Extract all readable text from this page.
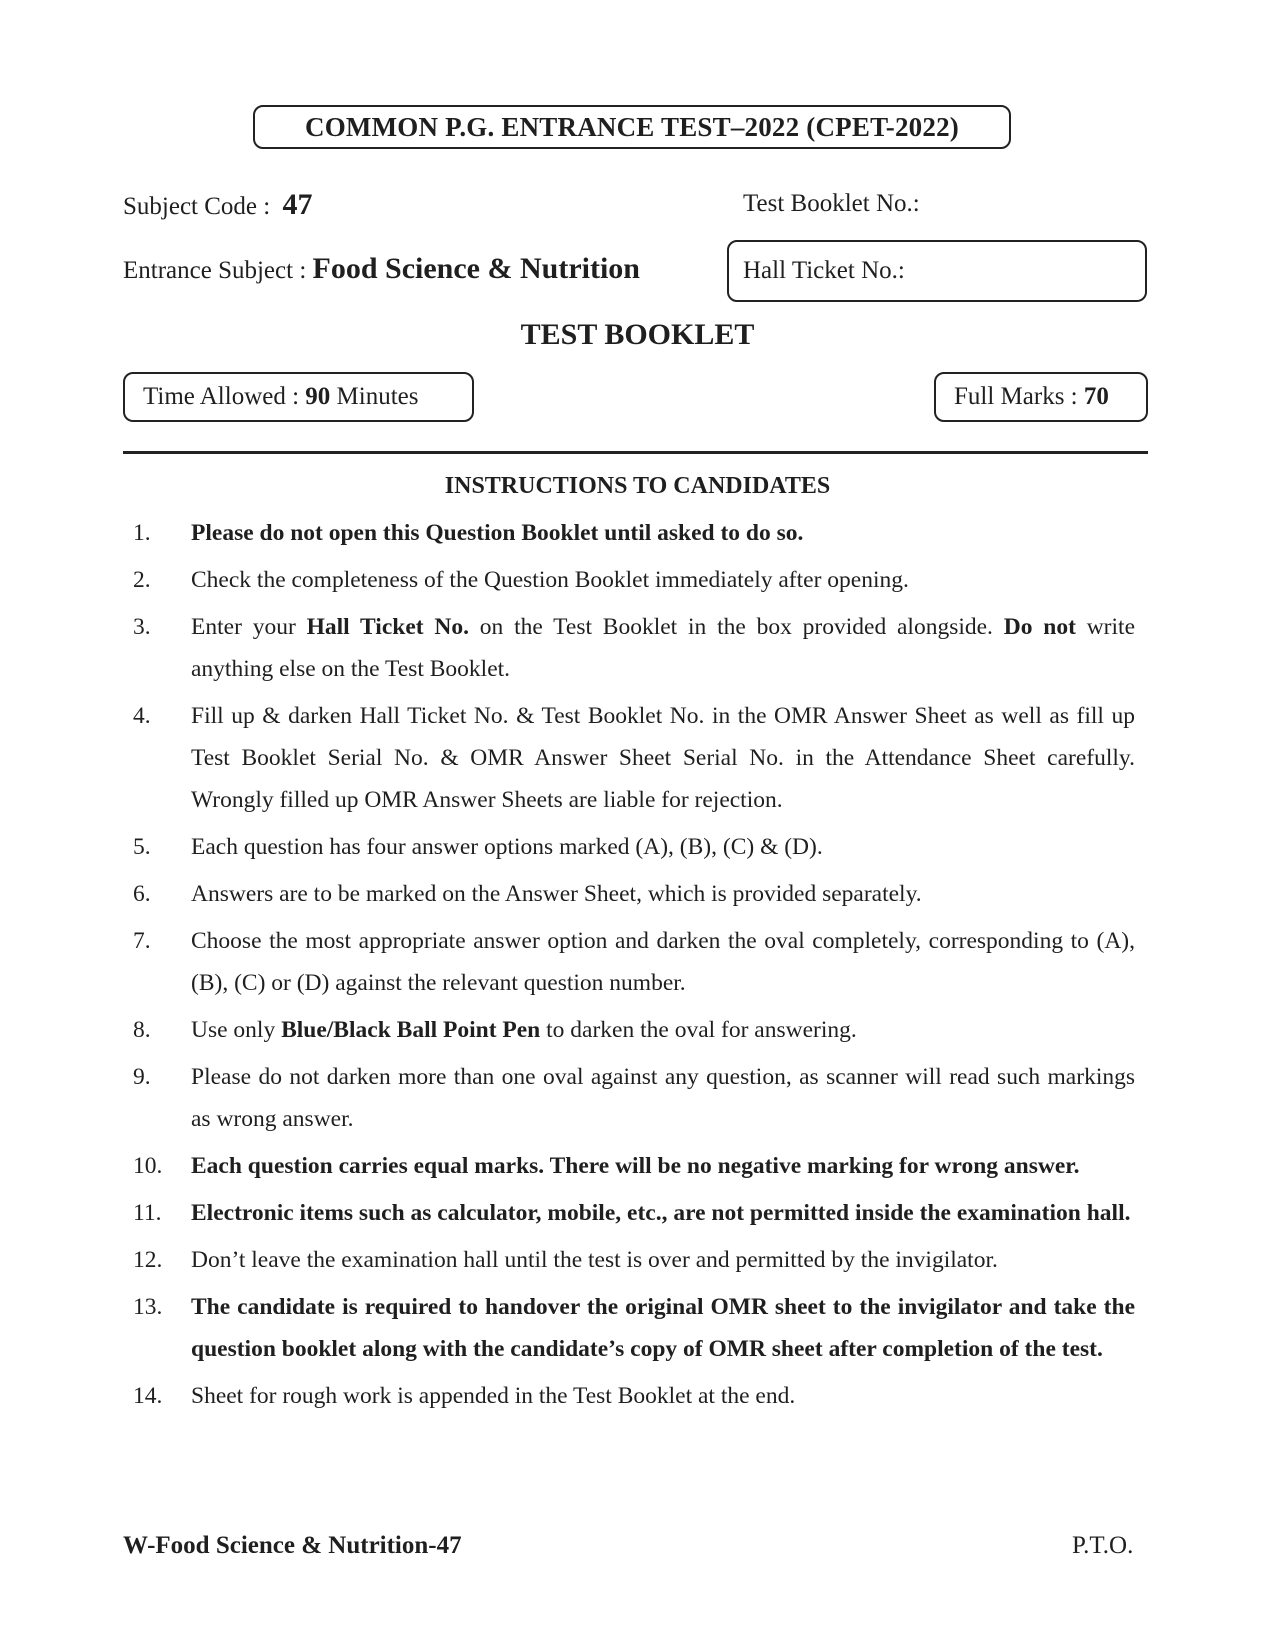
COMMON P.G. ENTRANCE TEST–2022 (CPET-2022)
Subject Code : 47	Test Booklet No.:
Entrance Subject : Food Science & Nutrition	Hall Ticket No.:
TEST BOOKLET
Time Allowed :
90
Minutes	Full Marks :
70
INSTRUCTIONS TO CANDIDATES
1.	Please do not open this Question Booklet until asked to do so.
2.	Check the completeness of the Question Booklet immediately after opening.
3.	Enter your Hall Ticket No. on the Test Booklet in the box provided alongside. Do not write anything else on the Test Booklet.
4.	Fill up & darken Hall Ticket No. & Test Booklet No. in the OMR Answer Sheet as well as fill up Test Booklet Serial No. & OMR Answer Sheet Serial No. in the Attendance Sheet carefully. Wrongly filled up OMR Answer Sheets are liable for rejection.
5.	Each question has four answer options marked (A), (B), (C) & (D).
6.	Answers are to be marked on the Answer Sheet, which is provided separately.
7.	Choose the most appropriate answer option and darken the oval completely, corresponding to (A), (B), (C) or (D) against the relevant question number.
8.	Use only Blue/Black Ball Point Pen to darken the oval for answering.
9.	Please do not darken more than one oval against any question, as scanner will read such markings as wrong answer.
10.	Each question carries equal marks. There will be no negative marking for wrong answer.
11.	Electronic items such as calculator, mobile, etc., are not permitted inside the examination hall.
12.	Don’t leave the examination hall until the test is over and permitted by the invigilator.
13.	The candidate is required to handover the original OMR sheet to the invigilator and take the question booklet along with the candidate’s copy of OMR sheet after completion of the test.
14.	Sheet for rough work is appended in the Test Booklet at the end.
W-Food Science & Nutrition-47	P.T.O.
